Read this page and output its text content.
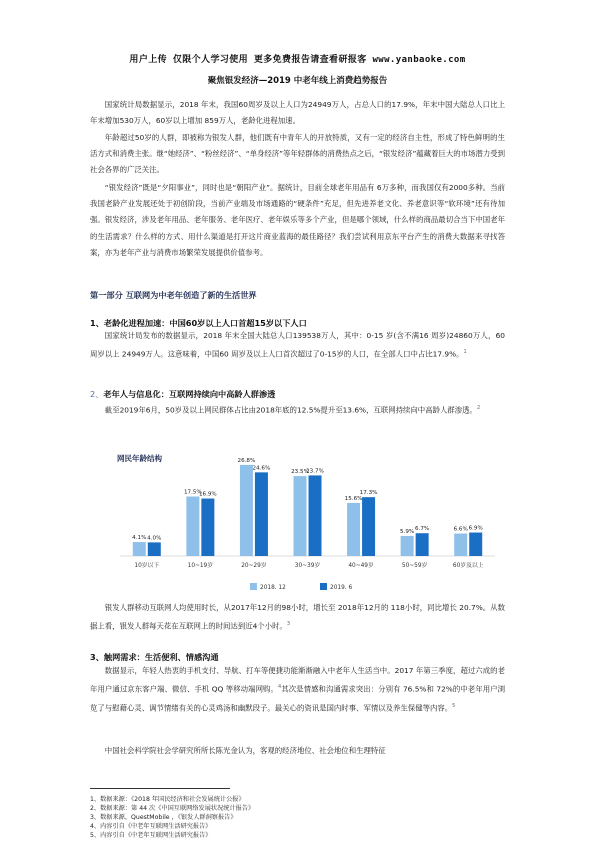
用户上传 仅限个人学习使用 更多免费报告请查看研报客 www.yanbaoke.com
聚焦银发经济—2019 中老年线上消费趋势报告

国家统计局数据显示，2018 年末，我国60周岁及以上人口为24949万人，占总人口的17.9%，年末中国大陆总人口比上年末增加530万人，60岁以上增加 859万人，老龄化进程加速。

年龄超过50岁的人群，即被称为银发人群，他们既有中青年人的开放特质，又有一定的经济自主性，形成了特色鲜明的生活方式和消费主张。继“她经济”、“粉丝经济”、“单身经济”等年轻群体的消费热点之后，“银发经济”蕴藏着巨大的市场潜力受到社会各界的广泛关注。

“银发经济”既是“夕阳事业”，同时也是“朝阳产业”。据统计，目前全球老年用品有 6万多种，而我国仅有2000多种。当前我国老龄产业发展还处于初创阶段，当前产业端及市场通路的“硬条件”充足，但先进养老文化、养老意识等“软环境”还有待加强。银发经济，涉及老年用品、老年服务、老年医疗、老年娱乐等多个产业，但是哪个领域，什么样的商品最切合当下中国老年的生活需求？什么样的方式、用什么渠道是打开这片商业蓝海的最佳路径？我们尝试利用京东平台产生的消费大数据来寻找答案，亦为老年产业与消费市场繁荣发展提供价值参考。

第一部分 互联网为中老年创造了新的生活世界
1、老龄化进程加速：中国60岁以上人口首超15岁以下人口

国家统计局发布的数据显示，2018 年末全国大陆总人口139538万人，其中：0-15 岁(含不满16 周岁)24860万人，60 周岁以上 24949万人。这意味着，中国60 周岁及以上人口首次超过了0-15岁的人口，在全部人口中占比17.9%。$^1$

2、老年人与信息化：互联网持续向中高龄人群渗透

截至2019年6月，50岁及以上网民群体占比由2018年底的12.5%提升至13.6%，互联网持续向中高龄人群渗透。$^2$

网民年龄结构
4.1% 4.0%
10岁以下
17.5%
16.9%
10~19岁
26.8%
24.6%
20~29岁
23.5%
23.7%
30~39岁
15.6%
17.3%
40~49岁
5.9% 6.7%
50~59岁
6.6% 6.9%
60岁及以上
2018. 12	2019. 6

银发人群移动互联网人均使用时长，从2017年12月的98小时，增长至 2018年12月的 118小时，同比增长 20.7%。从数据上看，银发人群每天花在互联网上的时间达到近4个小时。$^3$

3、触网需求：生活便利、情感沟通

数据显示，年轻人热衷的手机支付、导航、打车等便捷功能渐渐融入中老年人生活当中。2017 年第三季度，超过六成的老年用户通过京东客户端、微信、手机 QQ 等移动端网购。$^4$其次是情感和沟通需求突出：分别有 76.5%和 72%的中老年用户浏览了与慰藉心灵、调节情绪有关的心灵鸡汤和幽默段子。最关心的资讯是国内时事、军情以及养生保健等内容。$^5$

中国社会科学院社会学研究所所长陈光金认为，客观的经济地位、社会地位和生理特征

1、数据来源：《2018 年国民经济和社会发展统计公报》
2、数据来源：第 44 次《中国互联网络发展状况统计报告》
3、数据来源，QuestMobile ，《银发人群洞察报告》
4、内容引自《中老年互联网生活研究报告》
5、内容引自《中老年互联网生活研究报告》
